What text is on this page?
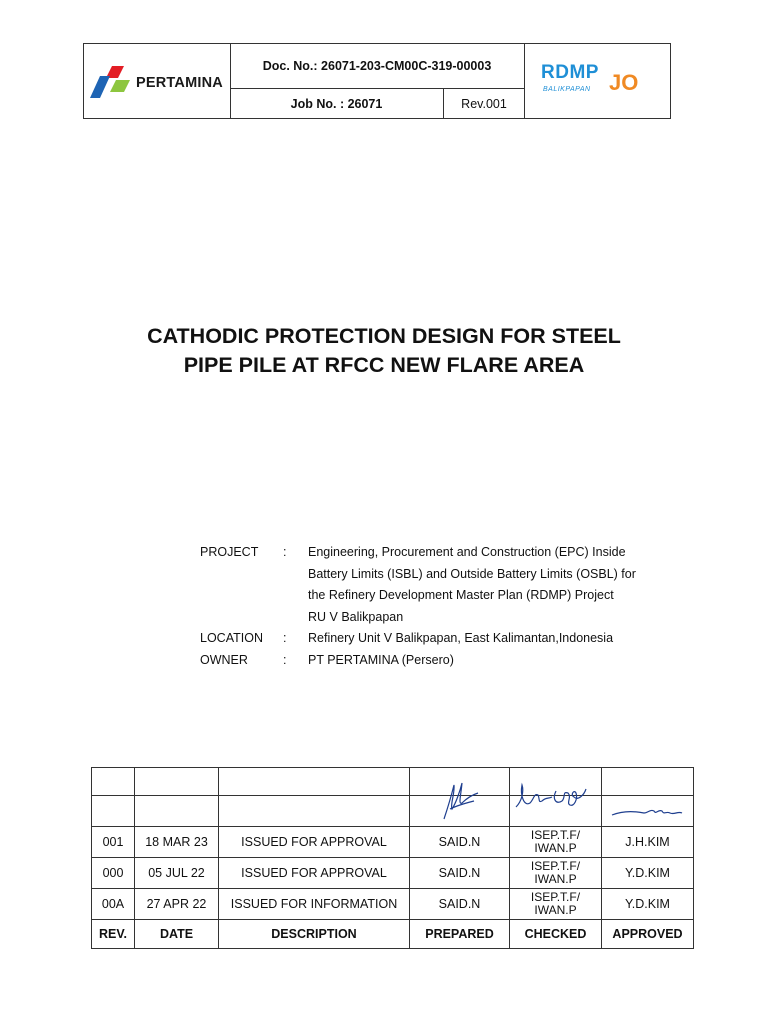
PERTAMINA
Doc. No.: 26071-203-CM00C-319-00003
Job No. : 26071	Rev.001
RDMP
BALIKPAPAN JO
CATHODIC PROTECTION DESIGN FOR STEEL
PIPE PILE AT RFCC NEW FLARE AREA
PROJECT	: Engineering, Procurement and Construction (EPC) Inside
Battery Limits (ISBL) and Outside Battery Limits (OSBL) for
the Refinery Development Master Plan (RDMP) Project
RU V Balikpapan
LOCATION	: Refinery Unit V Balikpapan, East Kalimantan,Indonesia
OWNER	: PT PERTAMINA (Persero)

001	18 MAR 23	ISSUED FOR APPROVAL	SAID.N	ISEP.T.F/
IWAN.P	J.H.KIM
000	05 JUL 22	ISSUED FOR APPROVAL	SAID.N	ISEP.T.F/
IWAN.P	Y.D.KIM
00A	27 APR 22	ISSUED FOR INFORMATION	SAID.N	ISEP.T.F/
IWAN.P	Y.D.KIM
REV.	DATE	DESCRIPTION	PREPARED	CHECKED	APPROVED
